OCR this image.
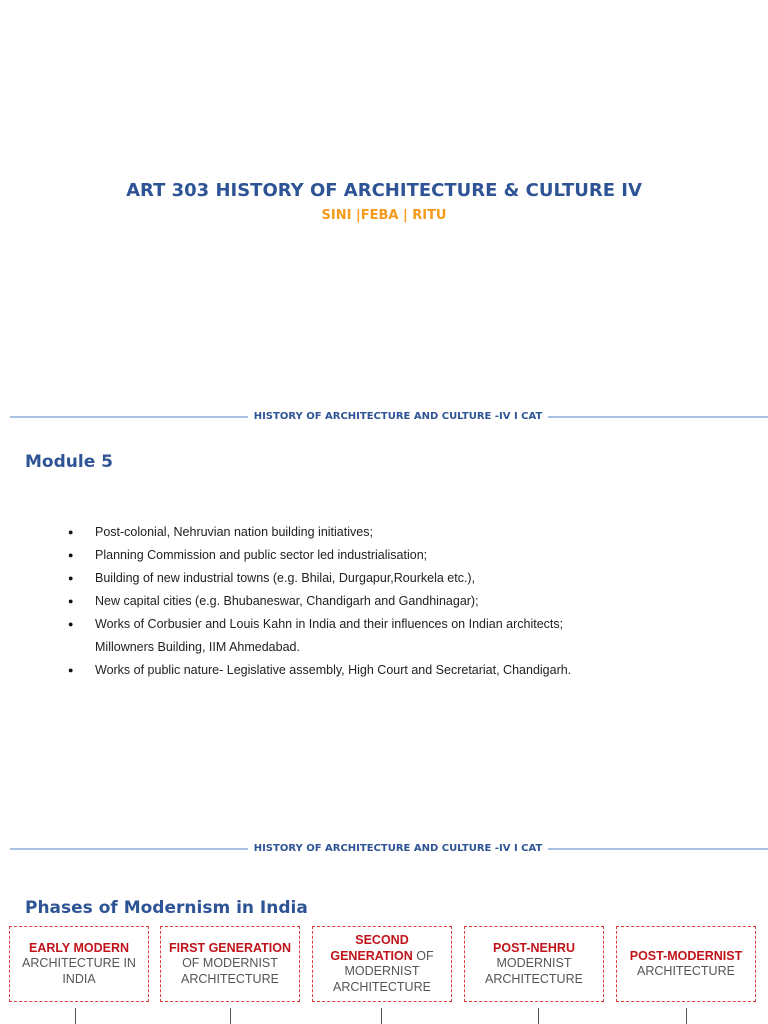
ART 303 HISTORY OF ARCHITECTURE & CULTURE IV
SINI |FEBA | RITU
HISTORY OF ARCHITECTURE AND CULTURE -IV I CAT
Module 5
● Post-colonial, Nehruvian nation building initiatives;
● Planning Commission and public sector led industrialisation;
● Building of new industrial towns (e.g. Bhilai, Durgapur,Rourkela etc.),
● New capital cities (e.g. Bhubaneswar, Chandigarh and Gandhinagar);
● Works of Corbusier and Louis Kahn in India and their influences on Indian architects;
Millowners Building, IIM Ahmedabad.
● Works of public nature- Legislative assembly, High Court and Secretariat, Chandigarh.
HISTORY OF ARCHITECTURE AND CULTURE -IV I CAT
Phases of Modernism in India
EARLY MODERN
ARCHITECTURE IN INDIA
FIRST GENERATION
OF MODERNIST ARCHITECTURE
SECOND GENERATION OF MODERNIST ARCHITECTURE
POST-NEHRU
MODERNIST ARCHITECTURE
POST-MODERNIST
ARCHITECTURE
